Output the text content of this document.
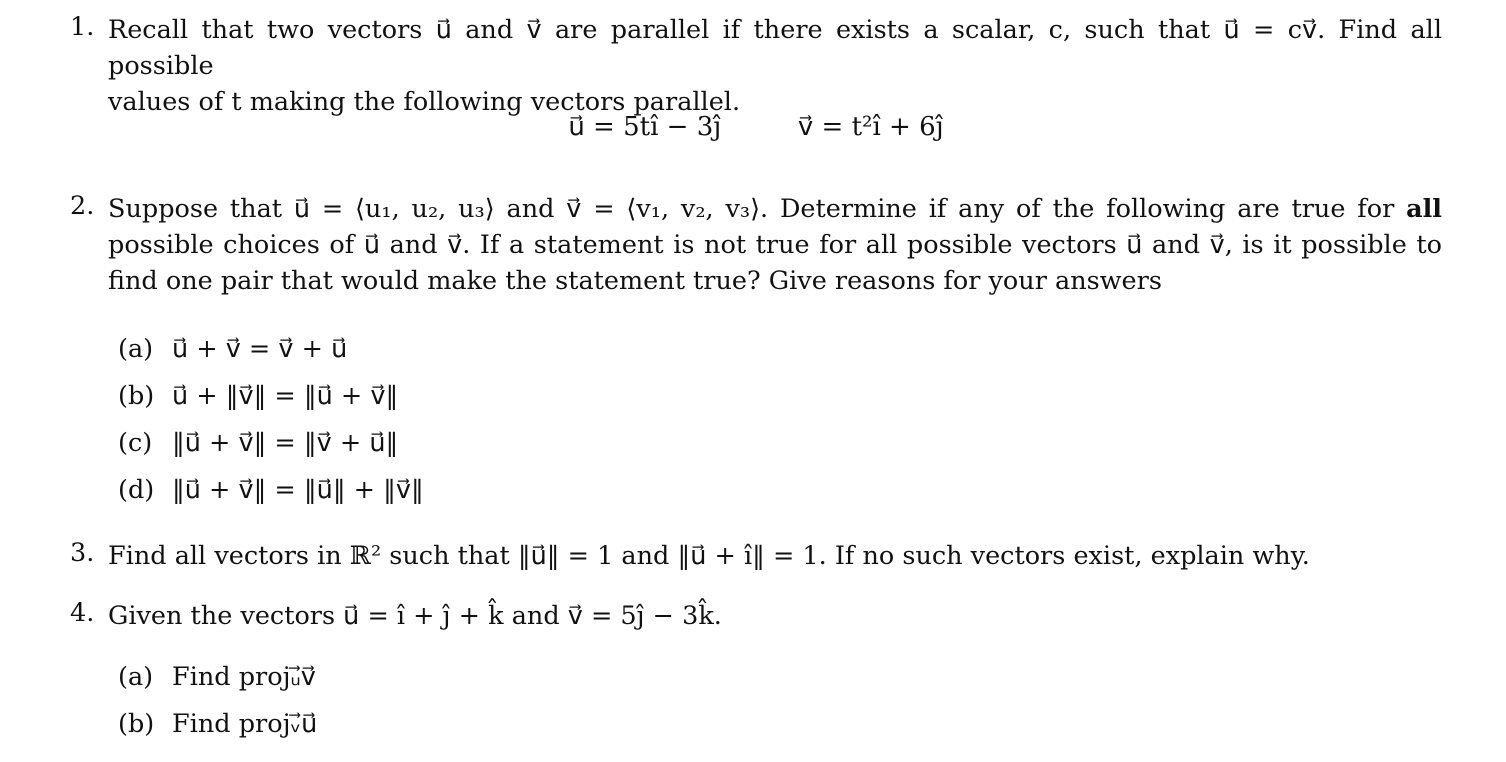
1. Recall that two vectors u⃗ and v⃗ are parallel if there exists a scalar, c, such that u⃗ = cv⃗. Find all possible
values of t making the following vectors parallel.
u⃗ = 5tî − 3ĵ	v⃗ = t²î + 6ĵ
2. Suppose that u⃗ = ⟨u₁, u₂, u₃⟩ and v⃗ = ⟨v₁, v₂, v₃⟩. Determine if any of the following are true for all possible choices of u⃗ and v⃗. If a statement is not true for all possible vectors u⃗ and v⃗, is it possible to find one pair that would make the statement true? Give reasons for your answers
(a) u⃗ + v⃗ = v⃗ + u⃗
(b) u⃗ + ‖v⃗‖ = ‖u⃗ + v⃗‖
(c) ‖u⃗ + v⃗‖ = ‖v⃗ + u⃗‖
(d) ‖u⃗ + v⃗‖ = ‖u⃗‖ + ‖v⃗‖
3. Find all vectors in ℝ² such that ‖u⃗‖ = 1 and ‖u⃗ + î‖ = 1. If no such vectors exist, explain why.
4. Given the vectors u⃗ = î + ĵ + k̂ and v⃗ = 5ĵ − 3k̂.
(a) Find projᵤ⃗v⃗
(b) Find projᵥ⃗u⃗
